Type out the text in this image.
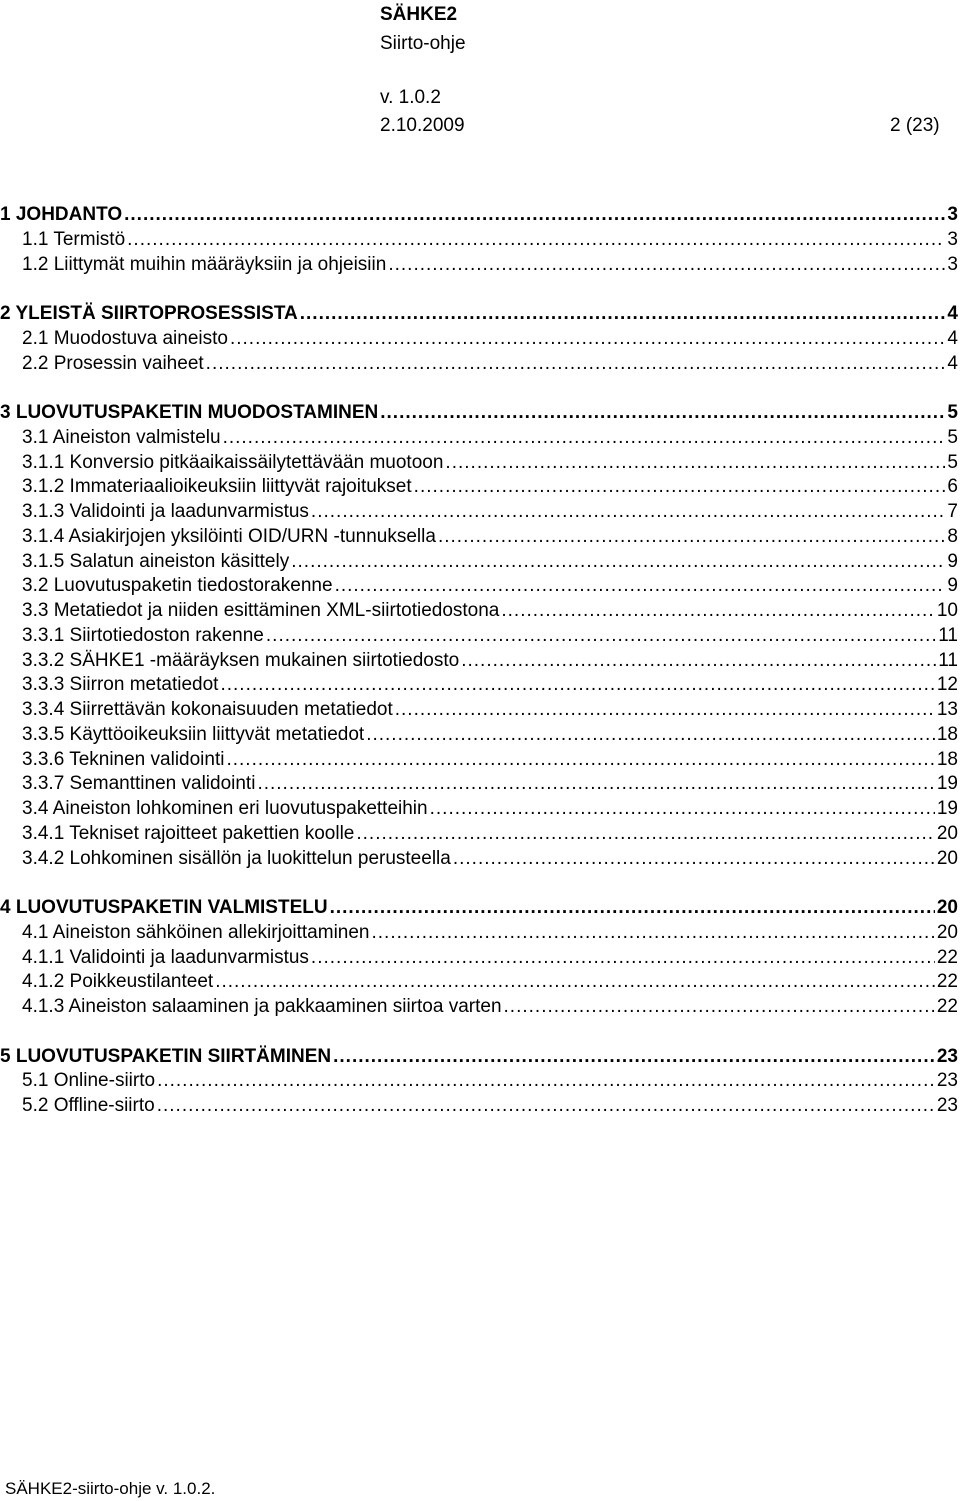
SÄHKE2
Siirto-ohje
v. 1.0.2
2.10.2009	2 (23)
1 JOHDANTO .....	3
1.1 Termistö .....	3
1.2 Liittymät muihin määräyksiin ja ohjeisiin .....	3
2 YLEISTÄ SIIRTOPROSESSISTA .....	4
2.1 Muodostuva aineisto .....	4
2.2 Prosessin vaiheet .....	4
3 LUOVUTUSPAKETIN MUODOSTAMINEN .....	5
3.1 Aineiston valmistelu .....	5
3.1.1 Konversio pitkäaikaissäilytettävään muotoon .....	5
3.1.2 Immateriaalioikeuksiin liittyvät rajoitukset .....	6
3.1.3 Validointi ja laadunvarmistus .....	7
3.1.4 Asiakirjojen yksilöinti OID/URN -tunnuksella .....	8
3.1.5 Salatun aineiston käsittely .....	9
3.2 Luovutuspaketin tiedostorakenne .....	9
3.3 Metatiedot ja niiden esittäminen XML-siirtotiedostona .....	10
3.3.1 Siirtotiedoston rakenne .....	11
3.3.2 SÄHKE1 -määräyksen mukainen siirtotiedosto .....	11
3.3.3 Siirron metatiedot .....	12
3.3.4 Siirrettävän kokonaisuuden metatiedot .....	13
3.3.5 Käyttöoikeuksiin liittyvät metatiedot .....	18
3.3.6 Tekninen validointi .....	18
3.3.7 Semanttinen validointi .....	19
3.4 Aineiston lohkominen eri luovutuspaketteihin .....	19
3.4.1 Tekniset rajoitteet pakettien koolle .....	20
3.4.2 Lohkominen sisällön ja luokittelun perusteella .....	20
4 LUOVUTUSPAKETIN VALMISTELU .....	20
4.1 Aineiston sähköinen allekirjoittaminen .....	20
4.1.1 Validointi ja laadunvarmistus .....	22
4.1.2 Poikkeustilanteet .....	22
4.1.3 Aineiston salaaminen ja pakkaaminen siirtoa varten .....	22
5 LUOVUTUSPAKETIN SIIRTÄMINEN .....	23
5.1 Online-siirto .....	23
5.2 Offline-siirto .....	23
SÄHKE2-siirto-ohje v. 1.0.2.
